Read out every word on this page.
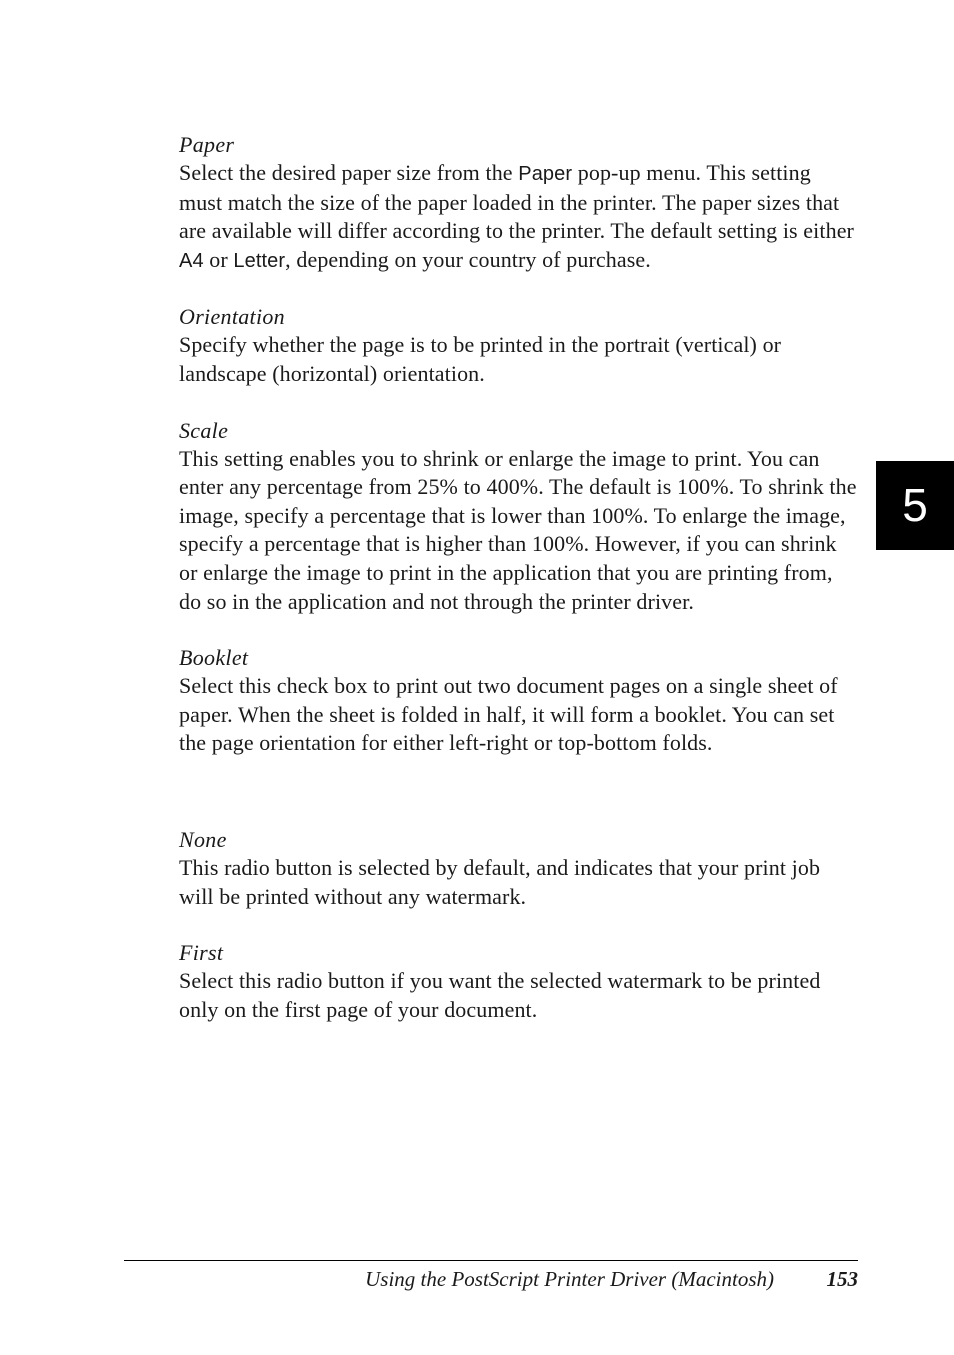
Paper

Select the desired paper size from the Paper pop-up menu. This setting must match the size of the paper loaded in the printer. The paper sizes that are available will differ according to the printer. The default setting is either A4 or Letter, depending on your country of purchase.

Orientation

Specify whether the page is to be printed in the portrait (vertical) or landscape (horizontal) orientation.

Scale

This setting enables you to shrink or enlarge the image to print. You can enter any percentage from 25% to 400%. The default is 100%. To shrink the image, specify a percentage that is lower than 100%. To enlarge the image, specify a percentage that is higher than 100%. However, if you can shrink or enlarge the image to print in the application that you are printing from, do so in the application and not through the printer driver.

Booklet

Select this check box to print out two document pages on a single sheet of paper. When the sheet is folded in half, it will form a booklet. You can set the page orientation for either left-right or top-bottom folds.

None

This radio button is selected by default, and indicates that your print job will be printed without any watermark.

First

Select this radio button if you want the selected watermark to be printed only on the first page of your document.

5
Using the PostScript Printer Driver (Macintosh)	153
